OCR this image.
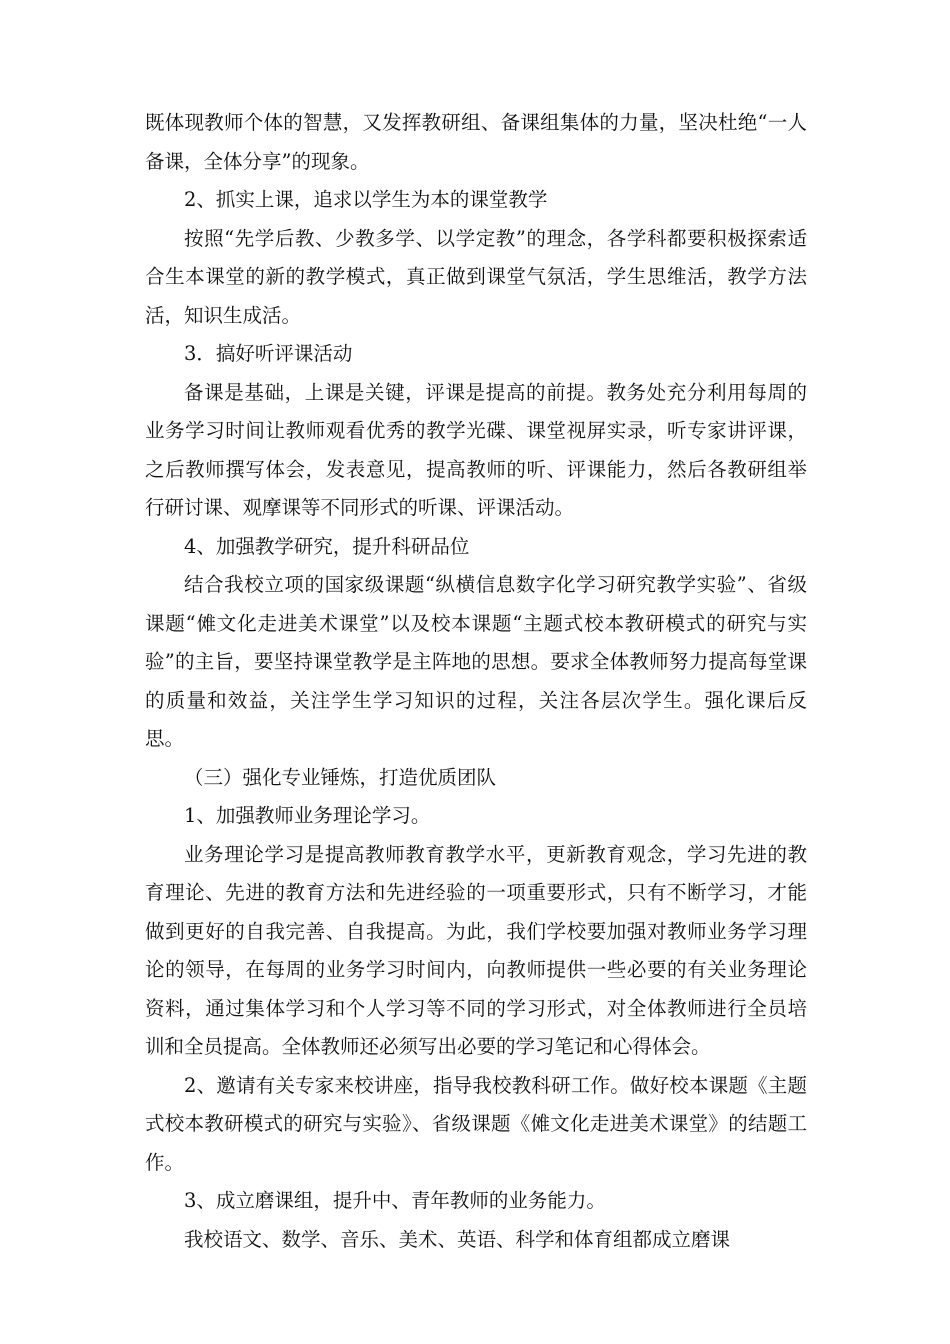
既体现教师个体的智慧，又发挥教研组、备课组集体的力量，坚决杜绝“一人备课，全体分享”的现象。

2、抓实上课，追求以学生为本的课堂教学

按照“先学后教、少教多学、以学定教”的理念，各学科都要积极探索适合生本课堂的新的教学模式，真正做到课堂气氛活，学生思维活，教学方法活，知识生成活。

3．搞好听评课活动

备课是基础，上课是关键，评课是提高的前提。教务处充分利用每周的业务学习时间让教师观看优秀的教学光碟、课堂视屏实录，听专家讲评课，之后教师撰写体会，发表意见，提高教师的听、评课能力，然后各教研组举行研讨课、观摩课等不同形式的听课、评课活动。

4、加强教学研究，提升科研品位

结合我校立项的国家级课题“纵横信息数字化学习研究教学实验”、省级课题“傩文化走进美术课堂”以及校本课题“主题式校本教研模式的研究与实验”的主旨，要坚持课堂教学是主阵地的思想。要求全体教师努力提高每堂课的质量和效益，关注学生学习知识的过程，关注各层次学生。强化课后反思。

（三）强化专业锤炼，打造优质团队

1、加强教师业务理论学习。

业务理论学习是提高教师教育教学水平，更新教育观念，学习先进的教育理论、先进的教育方法和先进经验的一项重要形式，只有不断学习，才能做到更好的自我完善、自我提高。为此，我们学校要加强对教师业务学习理论的领导，在每周的业务学习时间内，向教师提供一些必要的有关业务理论资料，通过集体学习和个人学习等不同的学习形式，对全体教师进行全员培训和全员提高。全体教师还必须写出必要的学习笔记和心得体会。

2、邀请有关专家来校讲座，指导我校教科研工作。做好校本课题《主题式校本教研模式的研究与实验》、省级课题《傩文化走进美术课堂》的结题工作。

3、成立磨课组，提升中、青年教师的业务能力。

我校语文、数学、音乐、美术、英语、科学和体育组都成立磨课
